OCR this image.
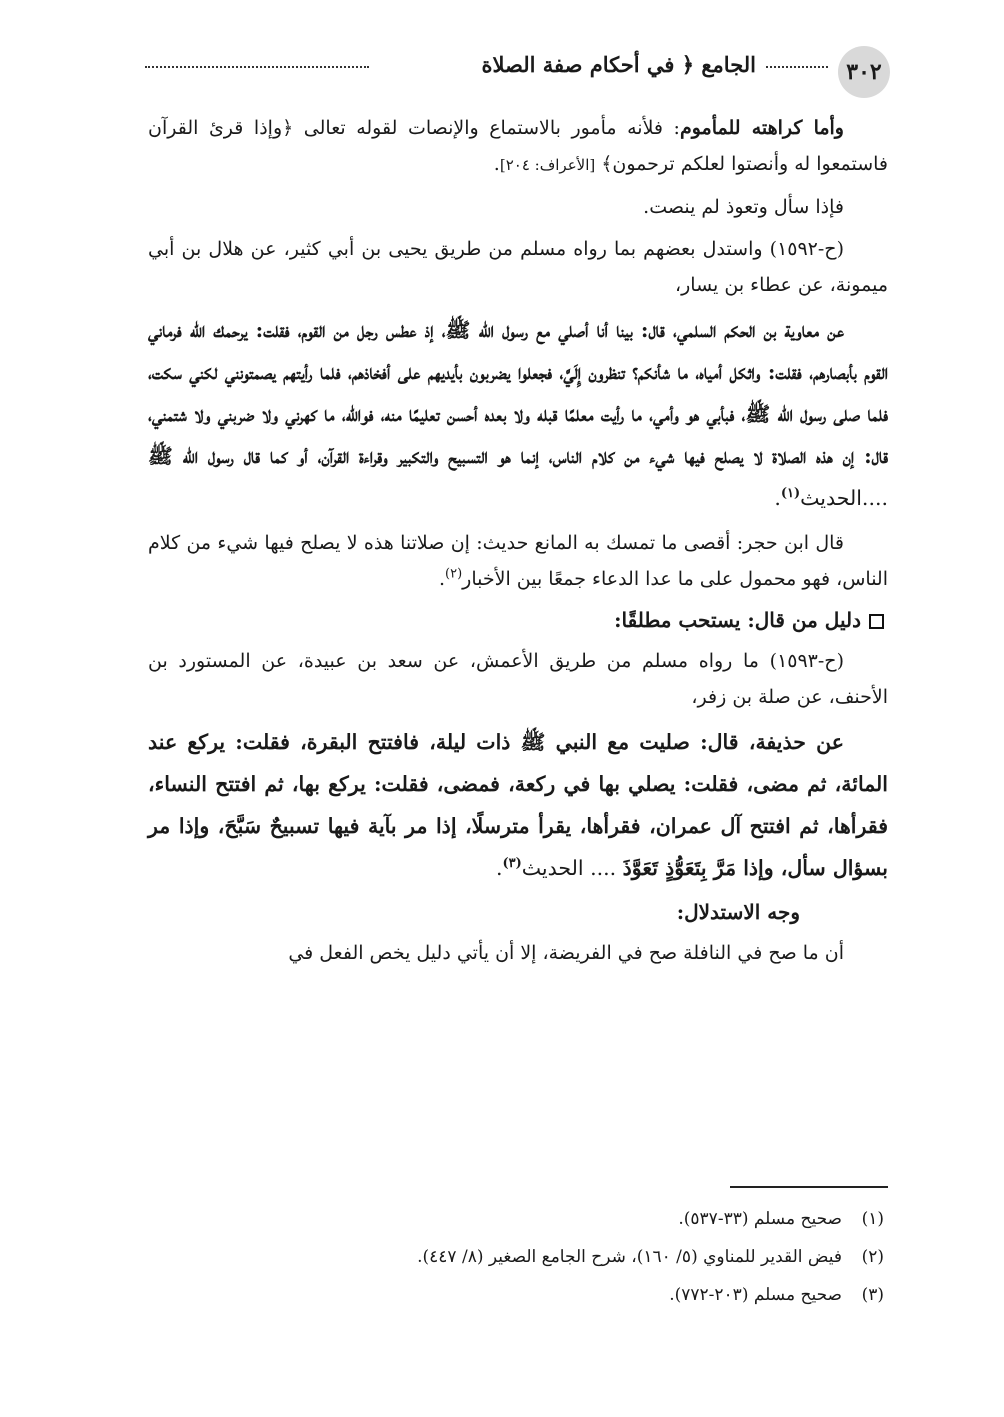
٣٠٢
الجامع ﴿ في أحكام صفة الصلاة

وأما كراهته للمأموم: فلأنه مأمور بالاستماع والإنصات لقوله تعالى ﴿وإذا قرئ القرآن فاستمعوا له وأنصتوا لعلكم ترحمون﴾ [الأعراف: ٢٠٤].

فإذا سأل وتعوذ لم ينصت.

(ح-١٥٩٢) واستدل بعضهم بما رواه مسلم من طريق يحيى بن أبي كثير، عن هلال بن أبي ميمونة، عن عطاء بن يسار،

عن معاوية بن الحكم السلمي، قال: بينا أنا أصلي مع رسول الله ﷺ، إذ عطس رجل من القوم، فقلت: يرحمك الله فرماني القوم بأبصارهم، فقلت: واثكل أمياه، ما شأنكم؟ تنظرون إِلَيَّ، فجعلوا يضربون بأيديهم على أفخاذهم، فلما رأيتهم يصمتونني لكني سكت، فلما صلى رسول الله ﷺ، فبأبي هو وأمي، ما رأيت معلمًا قبله ولا بعده أحسن تعليمًا منه، فوالله، ما كهرني ولا ضربني ولا شتمني، قال: إن هذه الصلاة لا يصلح فيها شيء من كلام الناس، إنما هو التسبيح والتكبير وقراءة القرآن، أو كما قال رسول الله ﷺ ....الحديث$^{(١)}$.

قال ابن حجر: أقصى ما تمسك به المانع حديث: إن صلاتنا هذه لا يصلح فيها شيء من كلام الناس، فهو محمول على ما عدا الدعاء جمعًا بين الأخبار$^{(٢)}$.

دليل من قال: يستحب مطلقًا:

(ح-١٥٩٣) ما رواه مسلم من طريق الأعمش، عن سعد بن عبيدة، عن المستورد بن الأحنف، عن صلة بن زفر،

عن حذيفة، قال: صليت مع النبي ﷺ ذات ليلة، فافتتح البقرة، فقلت: يركع عند المائة، ثم مضى، فقلت: يصلي بها في ركعة، فمضى، فقلت: يركع بها، ثم افتتح النساء، فقرأها، ثم افتتح آل عمران، فقرأها، يقرأ مترسلًا، إذا مر بآية فيها تسبيحٌ سَبَّحَ، وإذا مر بسؤال سأل، وإذا مَرَّ بِتَعَوُّذٍ تَعَوَّذَ .... الحديث$^{(٣)}$.

وجه الاستدلال:

أن ما صح في النافلة صح في الفريضة، إلا أن يأتي دليل يخص الفعل في

(١)صحيح مسلم (٣٣-٥٣٧).
(٢)فيض القدير للمناوي (٥/ ١٦٠)، شرح الجامع الصغير (٨/ ٤٤٧).
(٣)صحيح مسلم (٢٠٣-٧٧٢).
